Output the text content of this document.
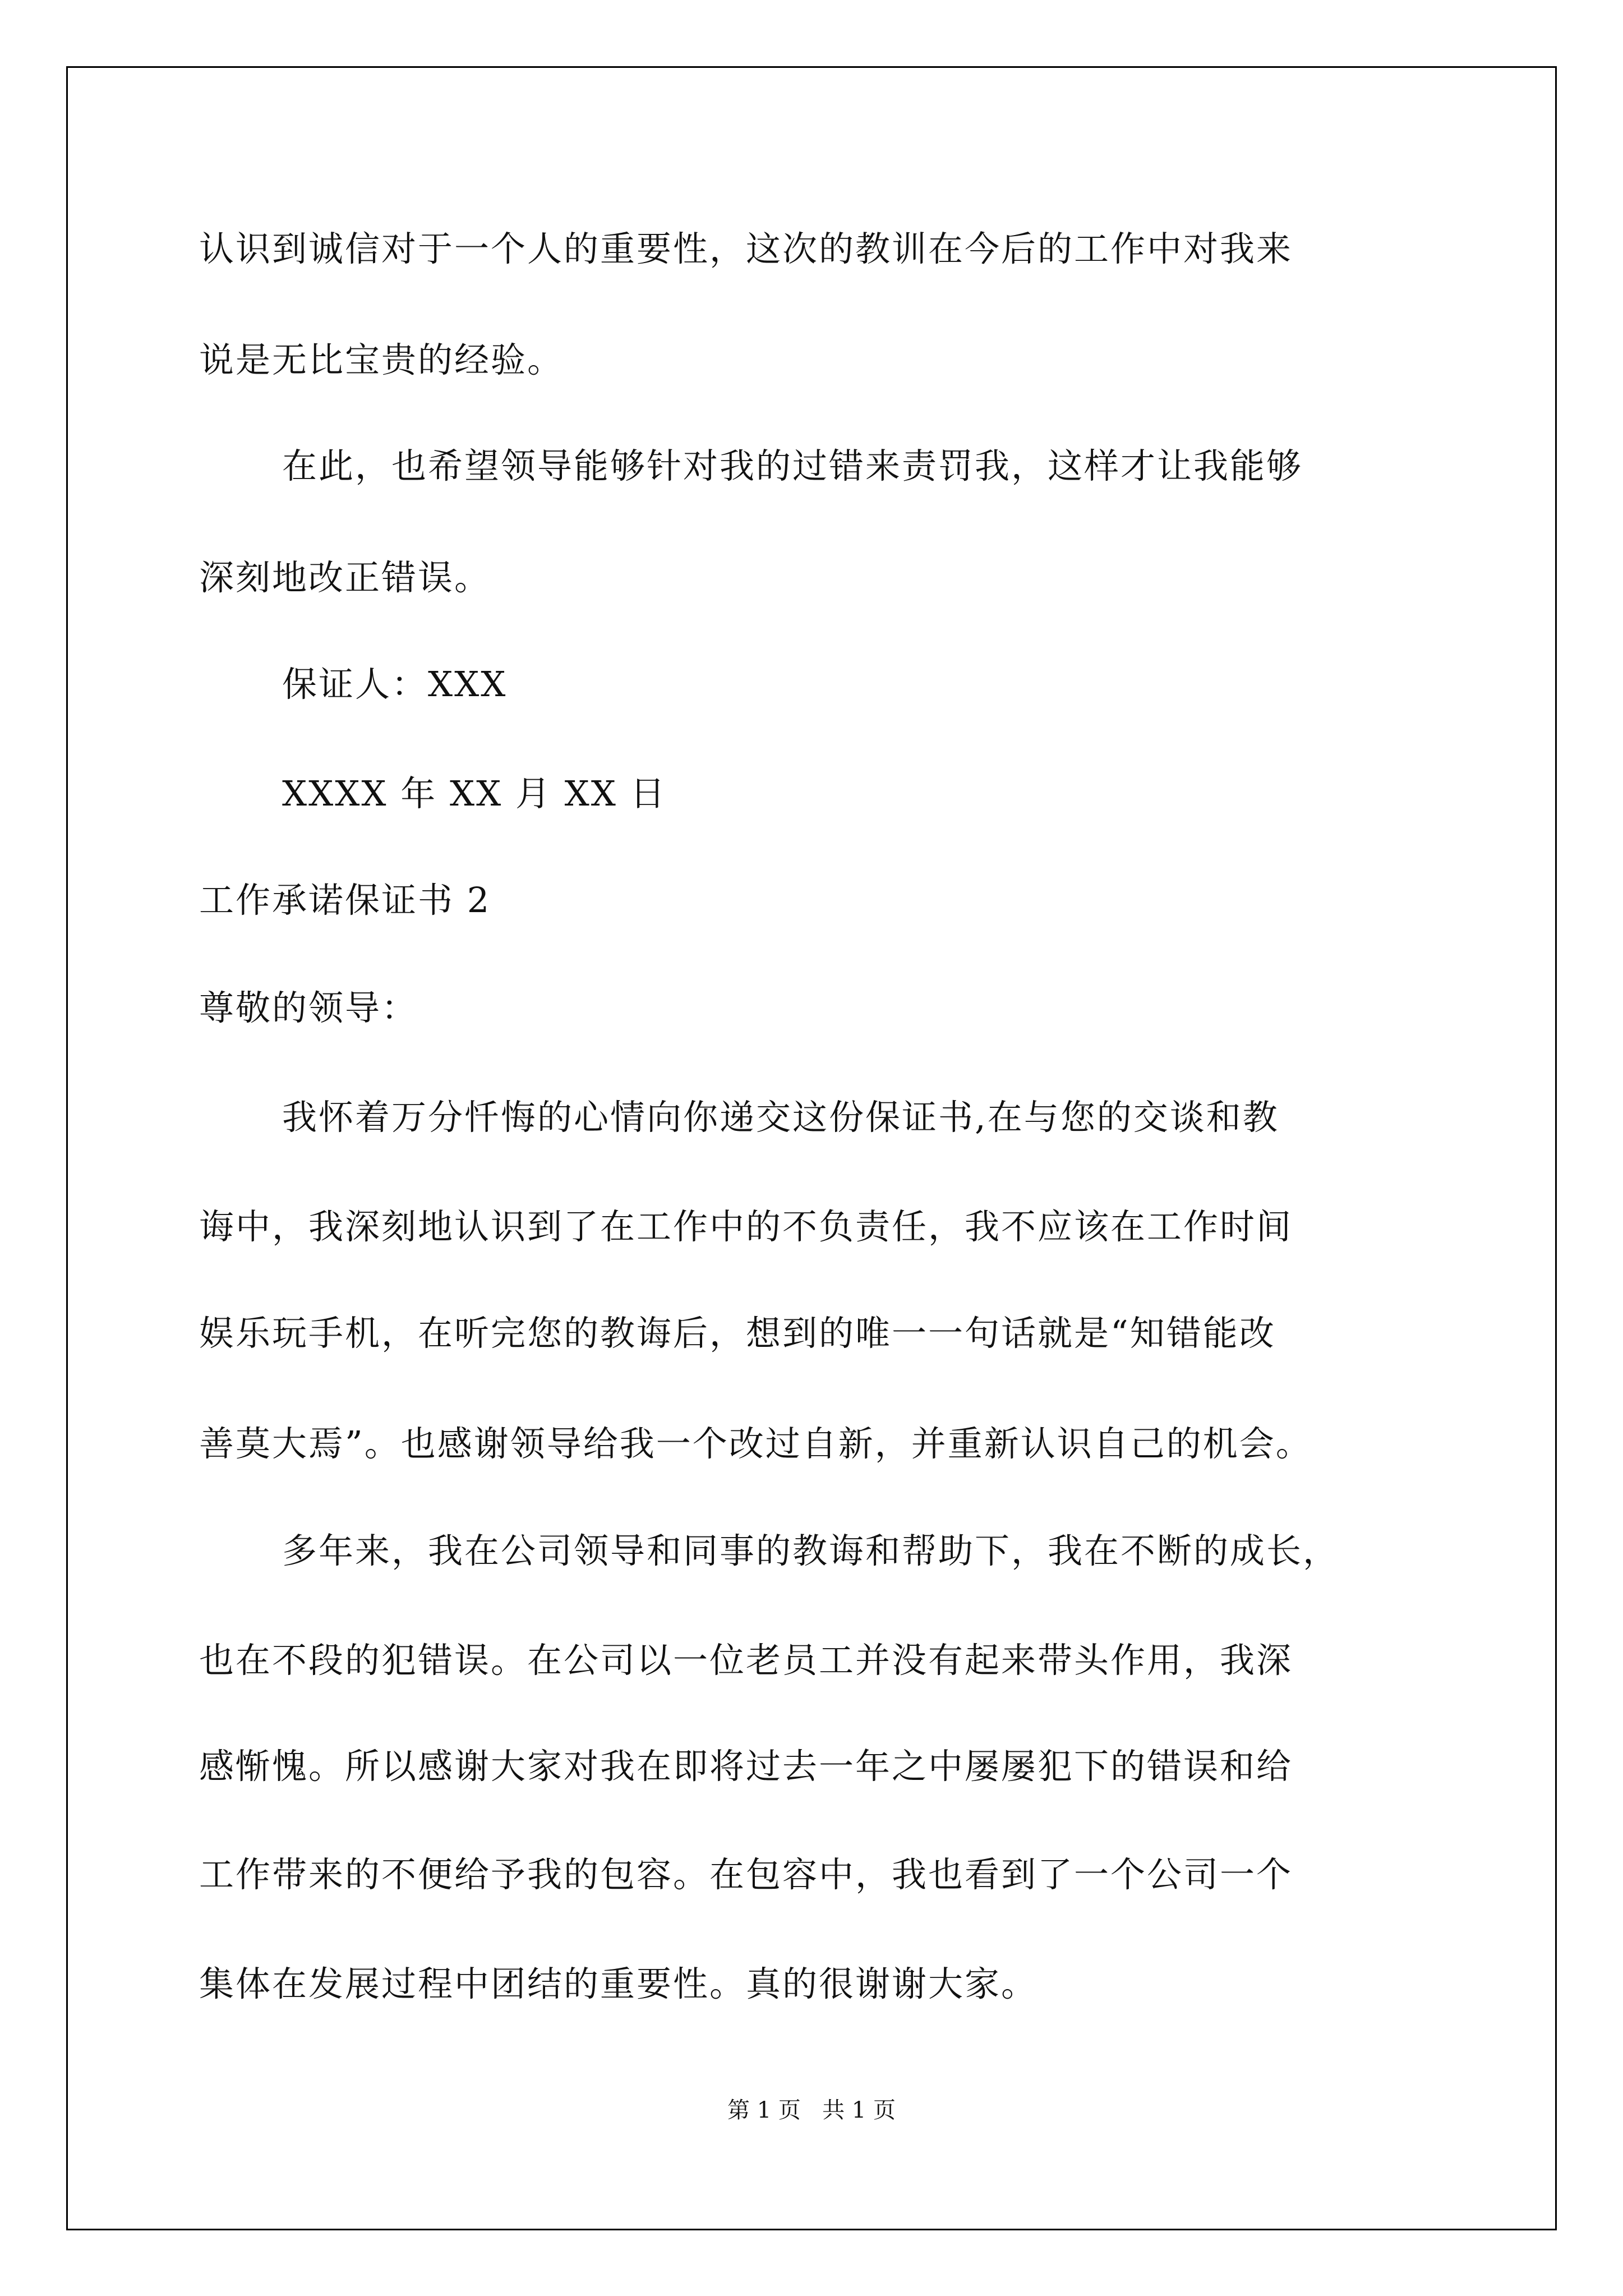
认识到诚信对于一个人的重要性，这次的教训在今后的工作中对我来
说是无比宝贵的经验。
在此，也希望领导能够针对我的过错来责罚我，这样才让我能够
深刻地改正错误。
保证人：XXX
XXXX 年 XX 月 XX 日
工作承诺保证书 2
尊敬的领导：
我怀着万分忏悔的心情向你递交这份保证书,在与您的交谈和教
诲中，我深刻地认识到了在工作中的不负责任，我不应该在工作时间
娱乐玩手机，在听完您的教诲后，想到的唯一一句话就是“知错能改
善莫大焉”。也感谢领导给我一个改过自新，并重新认识自己的机会。
多年来，我在公司领导和同事的教诲和帮助下，我在不断的成长，
也在不段的犯错误。在公司以一位老员工并没有起来带头作用，我深
感惭愧。所以感谢大家对我在即将过去一年之中屡屡犯下的错误和给
工作带来的不便给予我的包容。在包容中，我也看到了一个公司一个
集体在发展过程中团结的重要性。真的很谢谢大家。
第 1 页   共 1 页
